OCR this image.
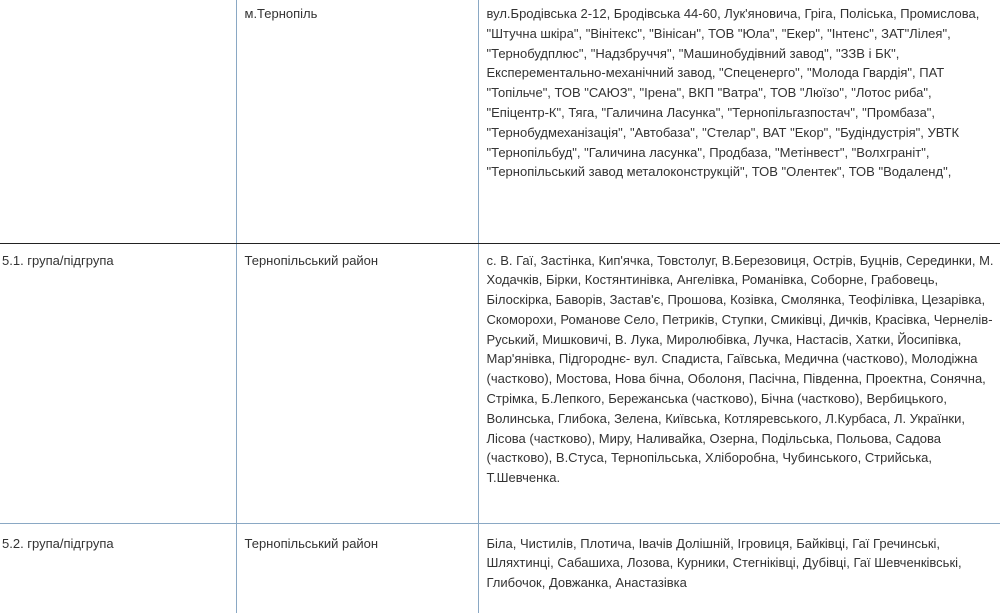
	м.Тернопіль	вул.Бродівська 2-12, Бродівська 44-60, Лук'яновича, Гріга, Поліська, Промислова, "Штучна шкіра", "Вінітекс", "Вінісан", ТОВ "Юла", "Екер", "Інтенс", ЗАТ"Лілея", "Тернобудплюс", "Надзбруччя", "Машинобудівний завод", "ЗЗВ і БК", Експерементально-механічний завод, "Спеценерго", "Молода Гвардія", ПАТ "Топільче", ТОВ "САЮЗ", "Ірена", ВКП "Ватра", ТОВ "Люїзо", "Лотос риба", "Епіцентр-К", Тяга, "Галичина Ласунка", "Тернопільгазпостач", "Промбаза", "Тернобудмеханізація", "Автобаза", "Стелар", ВАТ "Екор", "Будіндустрія", УВТК "Тернопільбуд", "Галичина ласунка", Продбаза, "Метінвест", "Волхграніт", "Тернопільський завод металоконструкцій", ТОВ "Олентек", ТОВ "Водаленд",
5.1. група/підгрупа	Тернопільський район	с. В. Гаї, Застінка, Кип'ячка, Товстолуг, В.Березовиця, Острів, Буцнів, Серединки, М. Ходачків, Бірки, Костянтинівка, Ангелівка, Романівка, Соборне, Грабовець, Білоскірка, Баворів, Застав'є, Прошова, Козівка, Смолянка, Теофілівка, Цезарівка, Скоморохи, Романове Село, Петриків, Ступки, Смиківці, Дичків, Красівка, Чернелів-Руський, Мишковичі, В. Лука, Миролюбівка, Лучка, Настасів, Хатки, Йосипівка, Мар'янівка, Підгороднє- вул. Спадиста, Гаївська, Медична (частково), Молодіжна (частково), Мостова, Нова бічна, Оболоня, Пасічна, Південна, Проектна, Сонячна, Стрімка, Б.Лепкого, Бережанська (частково), Бічна (частково), Вербицького, Волинська, Глибока, Зелена, Київська, Котляревського, Л.Курбаса, Л. Українки, Лісова (частково), Миру, Наливайка, Озерна, Подільська, Польова, Садова (частково), В.Стуса, Тернопільська, Хліборобна, Чубинського, Стрийська, Т.Шевченка.
5.2. група/підгрупа	Тернопільський район	Біла, Чистилів, Плотича, Івачів Долішній, Ігровиця, Байківці, Гаї Гречинські, Шляхтинці, Сабашиха, Лозова, Курники, Стегніківці, Дубівці, Гаї Шевченківські, Глибочок, Довжанка, Анастазівка
